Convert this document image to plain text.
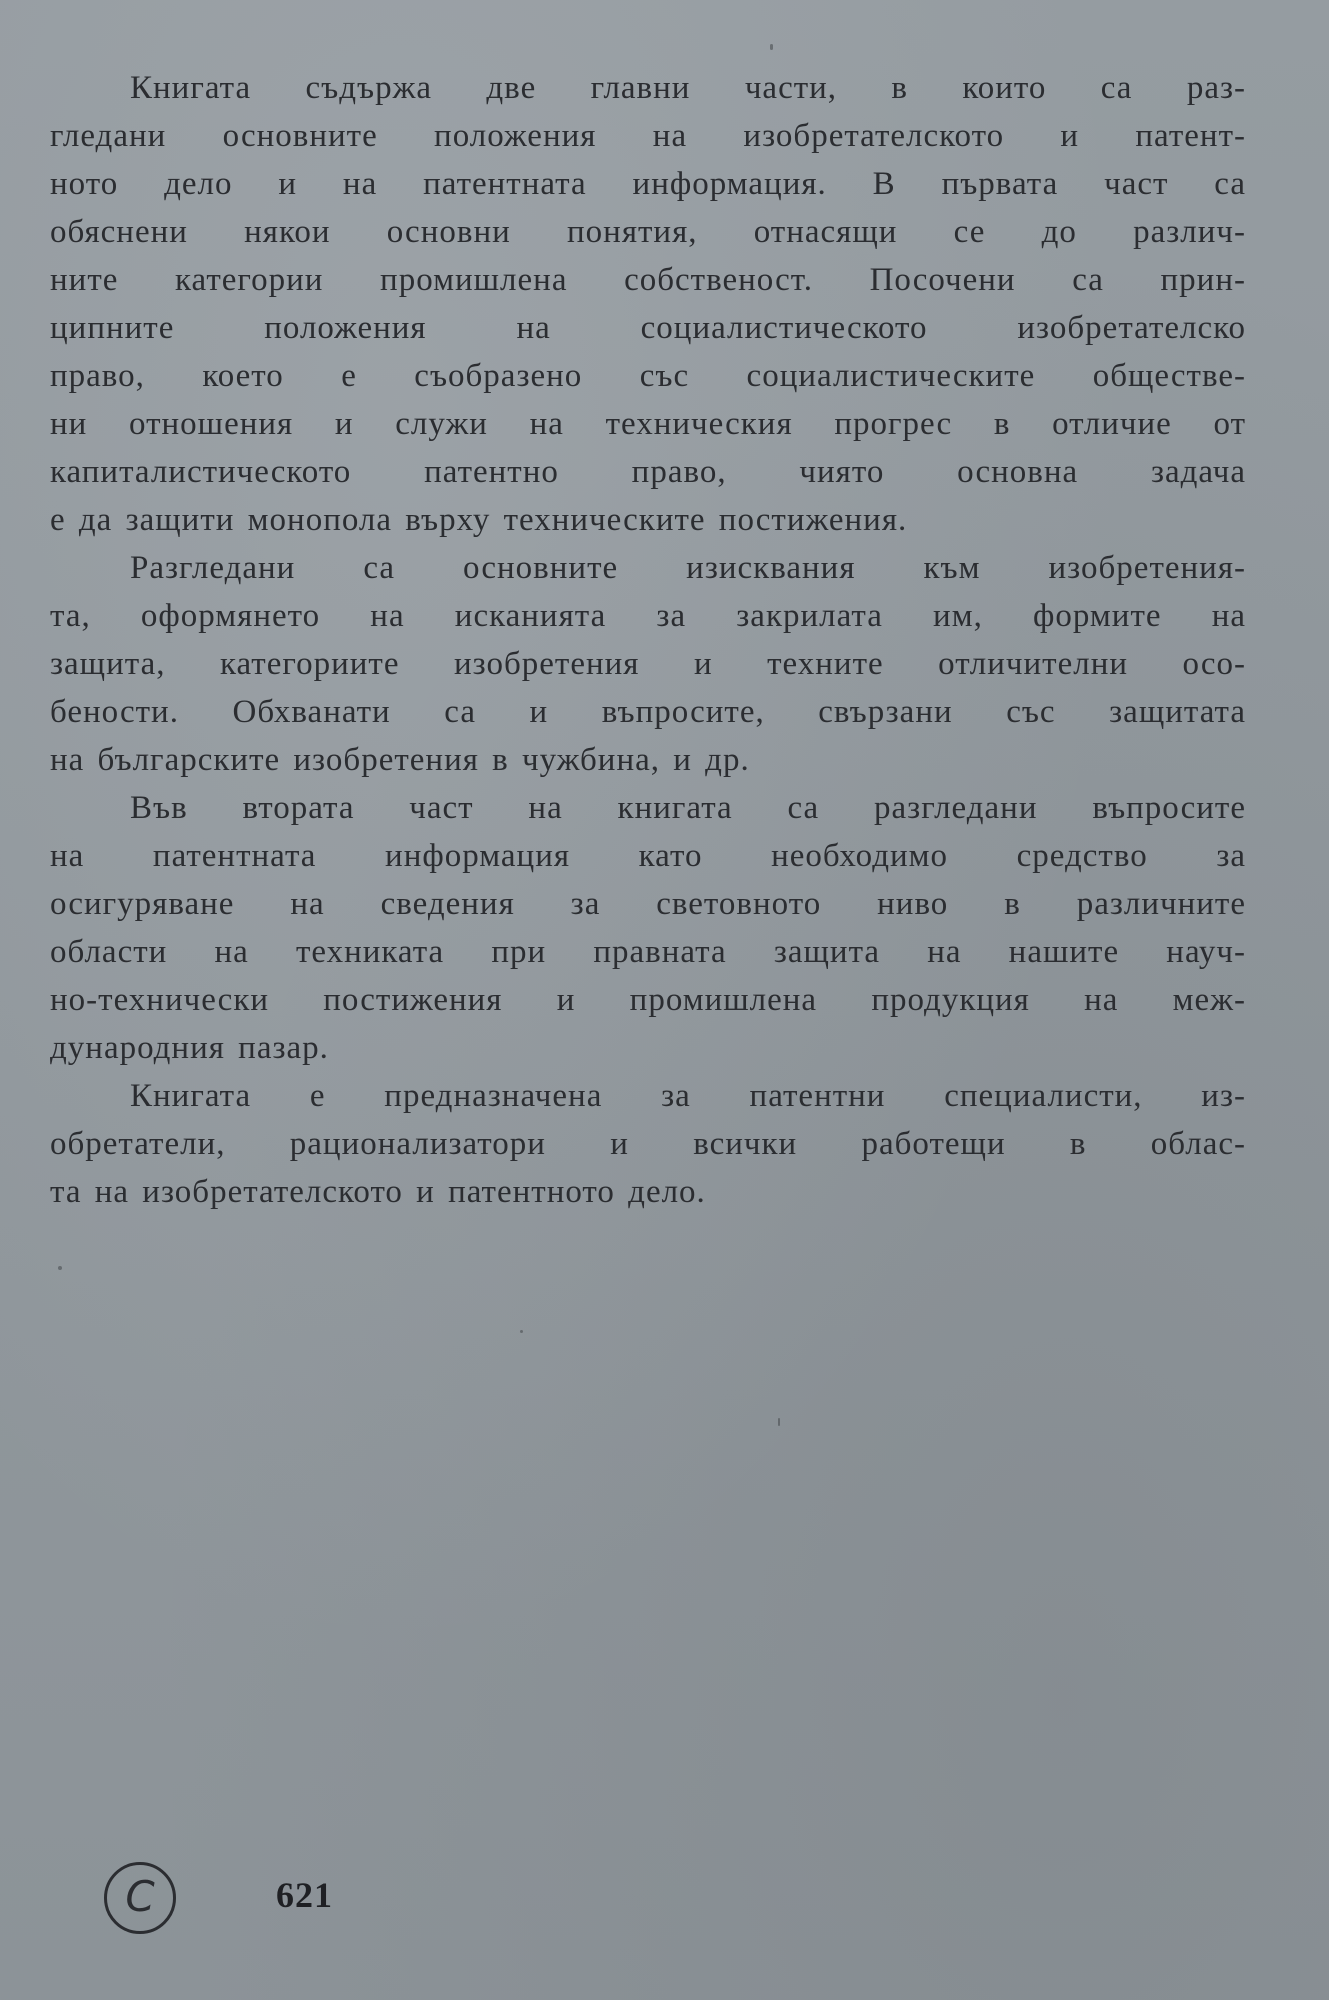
Книгата съдържа две главни части, в които са раз-
гледани основните положения на изобретателското и патент-
ното дело и на патентната информация. В първата част са
обяснени някои основни понятия, отнасящи се до различ-
ните категории промишлена собственост. Посочени са прин-
ципните положения на социалистическото изобретателско
право, което е съобразено със социалистическите обществе-
ни отношения и служи на техническия прогрес в отличие от
капиталистическото патентно право, чиято основна задача
е да защити монопола върху техническите постижения.
Разгледани са основните изисквания към изобретения-
та, оформянето на исканията за закрилата им, формите на
защита, категориите изобретения и техните отличителни осо-
бености. Обхванати са и въпросите, свързани със защитата
на българските изобретения в чужбина, и др.
Във втората част на книгата са разгледани въпросите
на патентната информация като необходимо средство за
осигуряване на сведения за световното ниво в различните
области на техниката при правната защита на нашите науч-
но-технически постижения и промишлена продукция на меж-
дународния пазар.
Книгата е предназначена за патентни специалисти, из-
обретатели, рационализатори и всички работещи в облас-
та на изобретателското и патентното дело.
C	621
